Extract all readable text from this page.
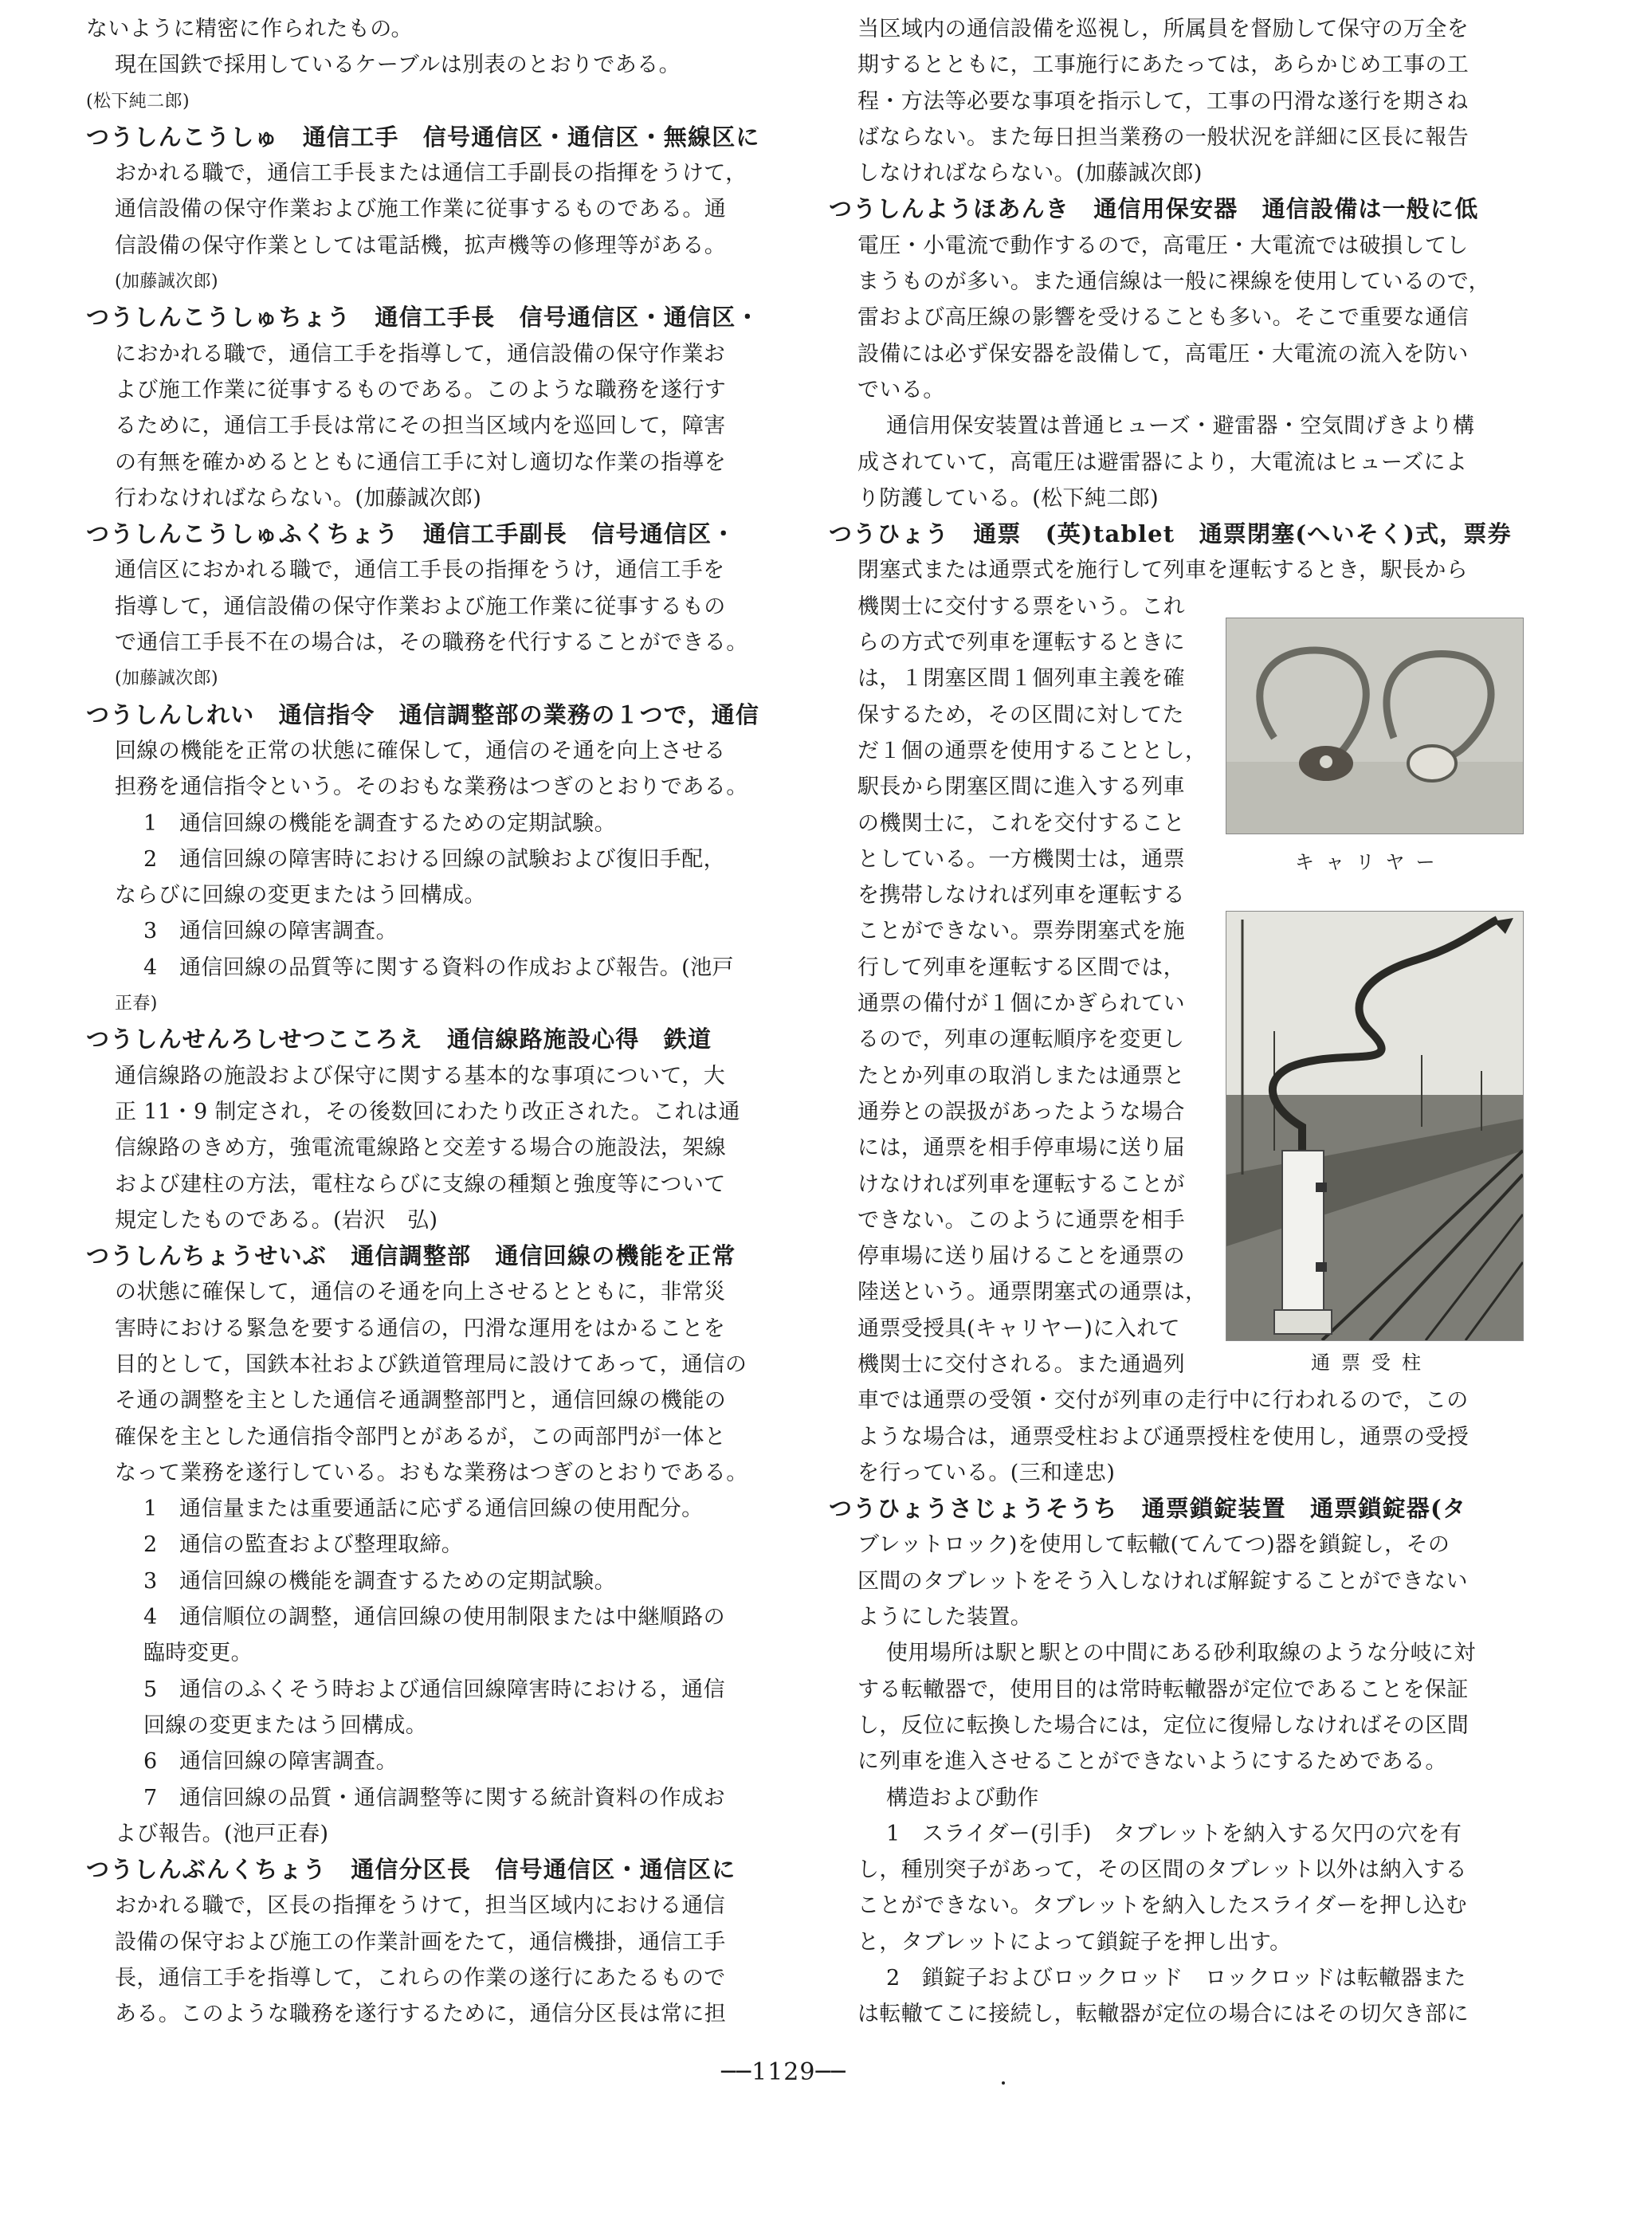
ないように精密に作られたもの。
現在国鉄で採用しているケーブルは別表のとおりである。
(松下純二郎)
つうしんこうしゅ　通信工手　信号通信区・通信区・無線区に
おかれる職で，通信工手長または通信工手副長の指揮をうけて，
通信設備の保守作業および施工作業に従事するものである。通
信設備の保守作業としては電話機，拡声機等の修理等がある。
(加藤誠次郎)
つうしんこうしゅちょう　通信工手長　信号通信区・通信区・
におかれる職で，通信工手を指導して，通信設備の保守作業お
よび施工作業に従事するものである。このような職務を遂行す
るために，通信工手長は常にその担当区域内を巡回して，障害
の有無を確かめるとともに通信工手に対し適切な作業の指導を
行わなければならない。(加藤誠次郎)
つうしんこうしゅふくちょう　通信工手副長　信号通信区・
通信区におかれる職で，通信工手長の指揮をうけ，通信工手を
指導して，通信設備の保守作業および施工作業に従事するもの
で通信工手長不在の場合は，その職務を代行することができる。
(加藤誠次郎)
つうしんしれい　通信指令　通信調整部の業務の１つで，通信
回線の機能を正常の状態に確保して，通信のそ通を向上させる
担務を通信指令という。そのおもな業務はつぎのとおりである。
1　通信回線の機能を調査するための定期試験。
2　通信回線の障害時における回線の試験および復旧手配，
ならびに回線の変更またはう回構成。
3　通信回線の障害調査。
4　通信回線の品質等に関する資料の作成および報告。(池戸
正春)
つうしんせんろしせつこころえ　通信線路施設心得　鉄道
通信線路の施設および保守に関する基本的な事項について，大
正 11・9 制定され，その後数回にわたり改正された。これは通
信線路のきめ方，強電流電線路と交差する場合の施設法，架線
および建柱の方法，電柱ならびに支線の種類と強度等について
規定したものである。(岩沢　弘)
つうしんちょうせいぶ　通信調整部　通信回線の機能を正常
の状態に確保して，通信のそ通を向上させるとともに，非常災
害時における緊急を要する通信の，円滑な運用をはかることを
目的として，国鉄本社および鉄道管理局に設けてあって，通信の
そ通の調整を主とした通信そ通調整部門と，通信回線の機能の
確保を主とした通信指令部門とがあるが，この両部門が一体と
なって業務を遂行している。おもな業務はつぎのとおりである。
1　通信量または重要通話に応ずる通信回線の使用配分。
2　通信の監査および整理取締。
3　通信回線の機能を調査するための定期試験。
4　通信順位の調整，通信回線の使用制限または中継順路の
臨時変更。
5　通信のふくそう時および通信回線障害時における，通信
回線の変更またはう回構成。
6　通信回線の障害調査。
7　通信回線の品質・通信調整等に関する統計資料の作成お
よび報告。(池戸正春)
つうしんぶんくちょう　通信分区長　信号通信区・通信区に
おかれる職で，区長の指揮をうけて，担当区域内における通信
設備の保守および施工の作業計画をたて，通信機掛，通信工手
長，通信工手を指導して，これらの作業の遂行にあたるもので
ある。このような職務を遂行するために，通信分区長は常に担
当区域内の通信設備を巡視し，所属員を督励して保守の万全を
期するとともに，工事施行にあたっては，あらかじめ工事の工
程・方法等必要な事項を指示して，工事の円滑な遂行を期さね
ばならない。また毎日担当業務の一般状況を詳細に区長に報告
しなければならない。(加藤誠次郎)
つうしんようほあんき　通信用保安器　通信設備は一般に低
電圧・小電流で動作するので，高電圧・大電流では破損してし
まうものが多い。また通信線は一般に裸線を使用しているので，
雷および高圧線の影響を受けることも多い。そこで重要な通信
設備には必ず保安器を設備して，高電圧・大電流の流入を防い
でいる。
通信用保安装置は普通ヒューズ・避雷器・空気間げきより構
成されていて，高電圧は避雷器により，大電流はヒューズによ
り防護している。(松下純二郎)
つうひょう　通票　(英)tablet　通票閉塞(へいそく)式，票券
閉塞式または通票式を施行して列車を運転するとき，駅長から
機関士に交付する票をいう。これ
らの方式で列車を運転するときに
は，１閉塞区間１個列車主義を確
保するため，その区間に対してた
だ１個の通票を使用することとし，
駅長から閉塞区間に進入する列車
の機関士に，これを交付すること
としている。一方機関士は，通票
を携帯しなければ列車を運転する
ことができない。票券閉塞式を施
行して列車を運転する区間では，
通票の備付が１個にかぎられてい
るので，列車の運転順序を変更し
たとか列車の取消しまたは通票と
通券との誤扱があったような場合
には，通票を相手停車場に送り届
けなければ列車を運転することが
できない。このように通票を相手
停車場に送り届けることを通票の
陸送という。通票閉塞式の通票は，
通票受授具(キャリヤー)に入れて
機関士に交付される。また通過列
車では通票の受領・交付が列車の走行中に行われるので，この
ような場合は，通票受柱および通票授柱を使用し，通票の受授
を行っている。(三和達忠)
つうひょうさじょうそうち　通票鎖錠装置　通票鎖錠器(タ
ブレットロック)を使用して転轍(てんてつ)器を鎖錠し，その
区間のタブレットをそう入しなければ解錠することができない
ようにした装置。
使用場所は駅と駅との中間にある砂利取線のような分岐に対
する転轍器で，使用目的は常時転轍器が定位であることを保証
し，反位に転換した場合には，定位に復帰しなければその区間
に列車を進入させることができないようにするためである。
構造および動作
1　スライダー(引手)　タブレットを納入する欠円の穴を有
し，種別突子があって，その区間のタブレット以外は納入する
ことができない。タブレットを納入したスライダーを押し込む
と，タブレットによって鎖錠子を押し出す。
2　鎖錠子およびロックロッド　ロックロッドは転轍器また
は転轍てこに接続し，転轍器が定位の場合にはその切欠き部に
キャリヤー
通票受柱
──1129──
